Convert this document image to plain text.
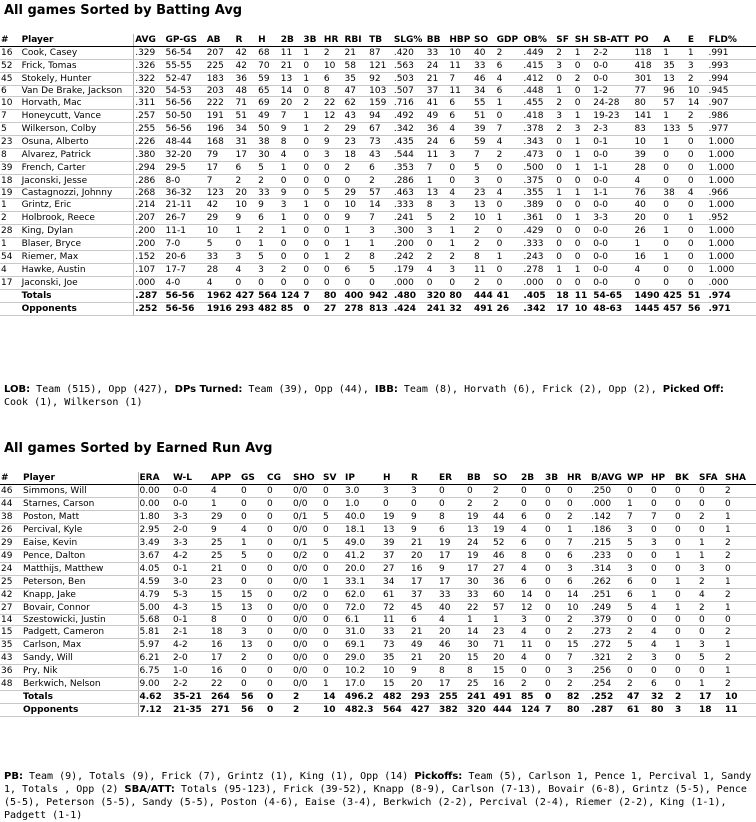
All games Sorted by Batting Avg
#	Player	AVG	GP-GS	AB	R	H	2B	3B	HR	RBI	TB	SLG%	BB	HBP	SO	GDP	OB%	SF	SH	SB-ATT	PO	A	E	FLD%
16	Cook, Casey	.329	56-54	207	42	68	11	1	2	21	87	.420	33	10	40	2	.449	2	1	2-2	118	1	1	.991
52	Frick, Tomas	.326	55-55	225	42	70	21	0	10	58	121	.563	24	11	33	6	.415	3	0	0-0	418	35	3	.993
45	Stokely, Hunter	.322	52-47	183	36	59	13	1	6	35	92	.503	21	7	46	4	.412	0	2	0-0	301	13	2	.994
6	Van De Brake, Jackson	.320	54-53	203	48	65	14	0	8	47	103	.507	37	11	34	6	.448	1	0	1-2	77	96	10	.945
10	Horvath, Mac	.311	56-56	222	71	69	20	2	22	62	159	.716	41	6	55	1	.455	2	0	24-28	80	57	14	.907
7	Honeycutt, Vance	.257	50-50	191	51	49	7	1	12	43	94	.492	49	6	51	0	.418	3	1	19-23	141	1	2	.986
5	Wilkerson, Colby	.255	56-56	196	34	50	9	1	2	29	67	.342	36	4	39	7	.378	2	3	2-3	83	133	5	.977
23	Osuna, Alberto	.226	48-44	168	31	38	8	0	9	23	73	.435	24	6	59	4	.343	0	1	0-1	10	1	0	1.000
8	Alvarez, Patrick	.380	32-20	79	17	30	4	0	3	18	43	.544	11	3	7	2	.473	0	1	0-0	39	0	0	1.000
39	French, Carter	.294	29-5	17	6	5	1	0	0	2	6	.353	7	0	5	0	.500	0	1	1-1	28	0	0	1.000
18	Jaconski, Jesse	.286	8-0	7	2	2	0	0	0	0	2	.286	1	0	3	0	.375	0	0	0-0	4	0	0	1.000
19	Castagnozzi, Johnny	.268	36-32	123	20	33	9	0	5	29	57	.463	13	4	23	4	.355	1	1	1-1	76	38	4	.966
1	Grintz, Eric	.214	21-11	42	10	9	3	1	0	10	14	.333	8	3	13	0	.389	0	0	0-0	40	0	0	1.000
2	Holbrook, Reece	.207	26-7	29	9	6	1	0	0	9	7	.241	5	2	10	1	.361	0	1	3-3	20	0	1	.952
28	King, Dylan	.200	11-1	10	1	2	1	0	0	1	3	.300	3	1	2	0	.429	0	0	0-0	26	1	0	1.000
1	Blaser, Bryce	.200	7-0	5	0	1	0	0	0	1	1	.200	0	1	2	0	.333	0	0	0-0	1	0	0	1.000
54	Riemer, Max	.152	20-6	33	3	5	0	0	1	2	8	.242	2	2	8	1	.243	0	0	0-0	16	1	0	1.000
4	Hawke, Austin	.107	17-7	28	4	3	2	0	0	6	5	.179	4	3	11	0	.278	1	1	0-0	4	0	0	1.000
17	Jaconski, Joe	.000	4-0	4	0	0	0	0	0	0	0	.000	0	0	2	0	.000	0	0	0-0	0	0	0	.000
	Totals	.287	56-56	1962	427	564	124	7	80	400	942	.480	320	80	444	41	.405	18	11	54-65	1490	425	51	.974
	Opponents	.252	56-56	1916	293	482	85	0	27	278	813	.424	241	32	491	26	.342	17	10	48-63	1445	457	56	.971
LOB: Team (515), Opp (427), DPs Turned: Team (39), Opp (44), IBB: Team (8), Horvath (6), Frick (2), Opp (2), Picked Off: Cook (1), Wilkerson (1)
All games Sorted by Earned Run Avg
#	Player	ERA	W-L	APP	GS	CG	SHO	SV	IP	H	R	ER	BB	SO	2B	3B	HR	B/AVG	WP	HP	BK	SFA	SHA
46	Simmons, Will	0.00	0-0	4	0	0	0/0	0	3.0	3	3	0	0	2	0	0	0	.250	0	0	0	0	2
44	Starnes, Carson	0.00	0-0	1	0	0	0/0	0	1.0	0	0	0	2	2	0	0	0	.000	1	0	0	0	0
38	Poston, Matt	1.80	3-3	29	0	0	0/1	5	40.0	19	9	8	19	44	6	0	2	.142	7	7	0	2	1
26	Percival, Kyle	2.95	2-0	9	4	0	0/0	0	18.1	13	9	6	13	19	4	0	1	.186	3	0	0	0	1
29	Eaise, Kevin	3.49	3-3	25	1	0	0/1	5	49.0	39	21	19	24	52	6	0	7	.215	5	3	0	1	2
49	Pence, Dalton	3.67	4-2	25	5	0	0/2	0	41.2	37	20	17	19	46	8	0	6	.233	0	0	1	1	2
24	Matthijs, Matthew	4.05	0-1	21	0	0	0/0	0	20.0	27	16	9	17	27	4	0	3	.314	3	0	0	3	0
25	Peterson, Ben	4.59	3-0	23	0	0	0/0	1	33.1	34	17	17	30	36	6	0	6	.262	6	0	1	2	1
42	Knapp, Jake	4.79	5-3	15	15	0	0/2	0	62.0	61	37	33	33	60	14	0	14	.251	6	1	0	4	2
27	Bovair, Connor	5.00	4-3	15	13	0	0/0	0	72.0	72	45	40	22	57	12	0	10	.249	5	4	1	2	1
14	Szestowicki, Justin	5.68	0-1	8	0	0	0/0	0	6.1	11	6	4	1	1	3	0	2	.379	0	0	0	0	0
15	Padgett, Cameron	5.81	2-1	18	3	0	0/0	0	31.0	33	21	20	14	23	4	0	2	.273	2	4	0	0	2
35	Carlson, Max	5.97	4-2	16	13	0	0/0	0	69.1	73	49	46	30	71	11	0	15	.272	5	4	1	3	1
43	Sandy, Will	6.21	2-0	17	2	0	0/0	0	29.0	35	21	20	15	20	4	0	7	.321	2	3	0	5	2
36	Pry, Nik	6.75	1-0	16	0	0	0/0	0	10.2	10	9	8	8	15	0	0	3	.256	0	0	0	0	1
48	Berkwich, Nelson	9.00	2-2	22	0	0	0/0	1	17.0	15	20	17	25	16	2	0	2	.254	2	6	0	1	2
	Totals	4.62	35-21	264	56	0	2	14	496.2	482	293	255	241	491	85	0	82	.252	47	32	2	17	10
	Opponents	7.12	21-35	271	56	0	2	10	482.3	564	427	382	320	444	124	7	80	.287	61	80	3	18	11
PB: Team (9), Totals (9), Frick (7), Grintz (1), King (1), Opp (14) Pickoffs: Team (5), Carlson 1, Pence 1, Percival 1, Sandy 1, Totals , Opp (2) SBA/ATT: Totals (95-123), Frick (39-52), Knapp (8-9), Carlson (7-13), Bovair (6-8), Grintz (5-5), Pence (5-5), Peterson (5-5), Sandy (5-5), Poston (4-6), Eaise (3-4), Berkwich (2-2), Percival (2-4), Riemer (2-2), King (1-1), Padgett (1-1)
